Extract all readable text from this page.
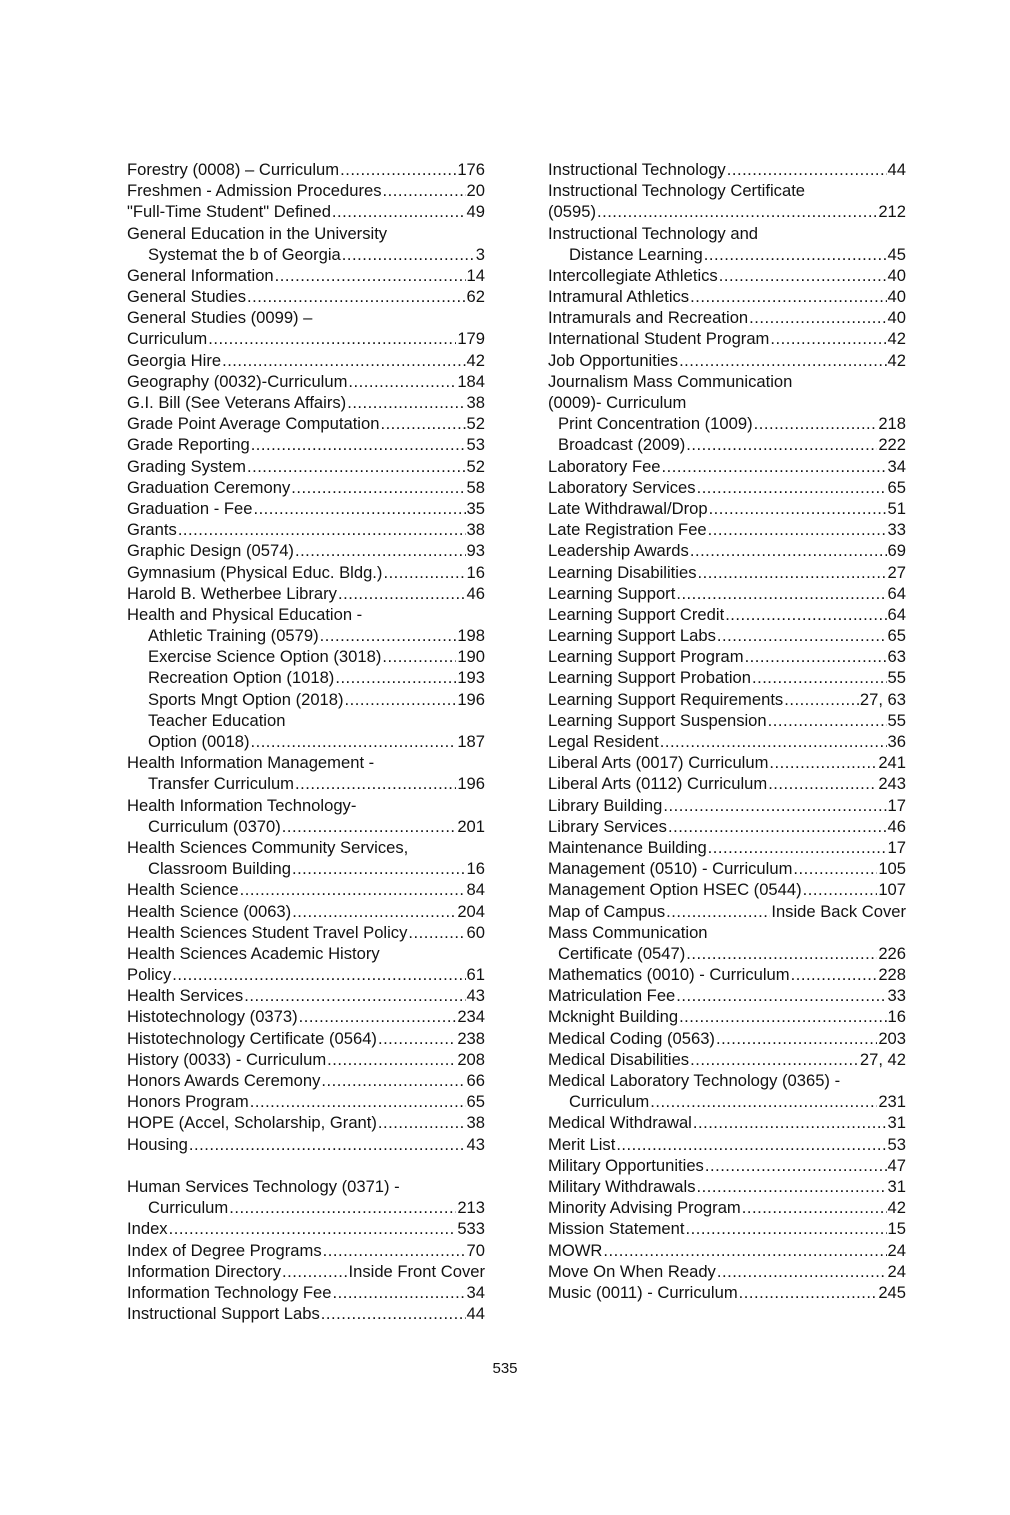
Forestry (0008) – Curriculum .....	176
Freshmen - Admission Procedures .....	20
"Full-Time Student" Defined .....	49
General Education in the University
Systemat the b of Georgia .....	3
General Information .....	14
General Studies .....	62
General Studies (0099) –
Curriculum .....	179
Georgia Hire .....	42
Geography (0032)-Curriculum .....	184
G.I. Bill (See Veterans Affairs) .....	38
Grade Point Average Computation .....	52
Grade Reporting .....	53
Grading System .....	52
Graduation Ceremony .....	58
Graduation - Fee .....	35
Grants .....	38
Graphic Design (0574) .....	93
Gymnasium (Physical Educ. Bldg.) .....	16
Harold B. Wetherbee Library .....	46
Health and Physical Education -
Athletic Training (0579) .....	198
Exercise Science Option (3018) .....	190
Recreation Option (1018) .....	193
Sports Mngt Option (2018) .....	196
Teacher Education
Option (0018) .....	187
Health Information Management -
Transfer Curriculum .....	196
Health Information Technology-
Curriculum (0370) .....	201
Health Sciences Community Services,
Classroom Building .....	16
Health Science .....	84
Health Science (0063) .....	204
Health Sciences Student Travel Policy .....	60
Health Sciences Academic History
Policy .....	61
Health Services .....	43
Histotechnology (0373) .....	234
Histotechnology Certificate (0564) .....	238
History (0033) - Curriculum .....	208
Honors Awards Ceremony .....	66
Honors Program .....	65
HOPE (Accel, Scholarship, Grant) .....	38
Housing .....	43
Human Services Technology (0371) -
Curriculum .....	213
Index .....	533
Index of Degree Programs .....	70
Information Directory .....	Inside Front Cover
Information Technology Fee .....	34
Instructional Support Labs .....	44
Instructional Technology .....	44
Instructional Technology Certificate
(0595) .....	212
Instructional Technology and
Distance Learning .....	45
Intercollegiate Athletics .....	40
Intramural Athletics .....	40
Intramurals and Recreation .....	40
International Student Program .....	42
Job Opportunities .....	42
Journalism Mass Communication
(0009)- Curriculum
Print Concentration (1009) .....	218
Broadcast (2009) .....	222
Laboratory Fee .....	34
Laboratory Services .....	65
Late Withdrawal/Drop .....	51
Late Registration Fee .....	33
Leadership Awards .....	69
Learning Disabilities .....	27
Learning Support .....	64
Learning Support Credit .....	64
Learning Support Labs .....	65
Learning Support Program .....	63
Learning Support Probation .....	55
Learning Support Requirements .....	27, 63
Learning Support Suspension .....	55
Legal Resident .....	36
Liberal Arts (0017) Curriculum .....	241
Liberal Arts (0112) Curriculum .....	243
Library Building .....	17
Library Services .....	46
Maintenance Building .....	17
Management (0510) - Curriculum .....	105
Management Option HSEC (0544) .....	107
Map of Campus .....	Inside Back Cover
Mass Communication
Certificate (0547) .....	226
Mathematics (0010) - Curriculum .....	228
Matriculation Fee .....	33
Mcknight Building .....	16
Medical Coding (0563) .....	203
Medical Disabilities .....	27, 42
Medical Laboratory Technology (0365) -
Curriculum .....	231
Medical Withdrawal .....	31
Merit List .....	53
Military Opportunities .....	47
Military Withdrawals .....	31
Minority Advising Program .....	42
Mission Statement .....	15
MOWR .....	24
Move On When Ready .....	24
Music (0011) - Curriculum .....	245
535
